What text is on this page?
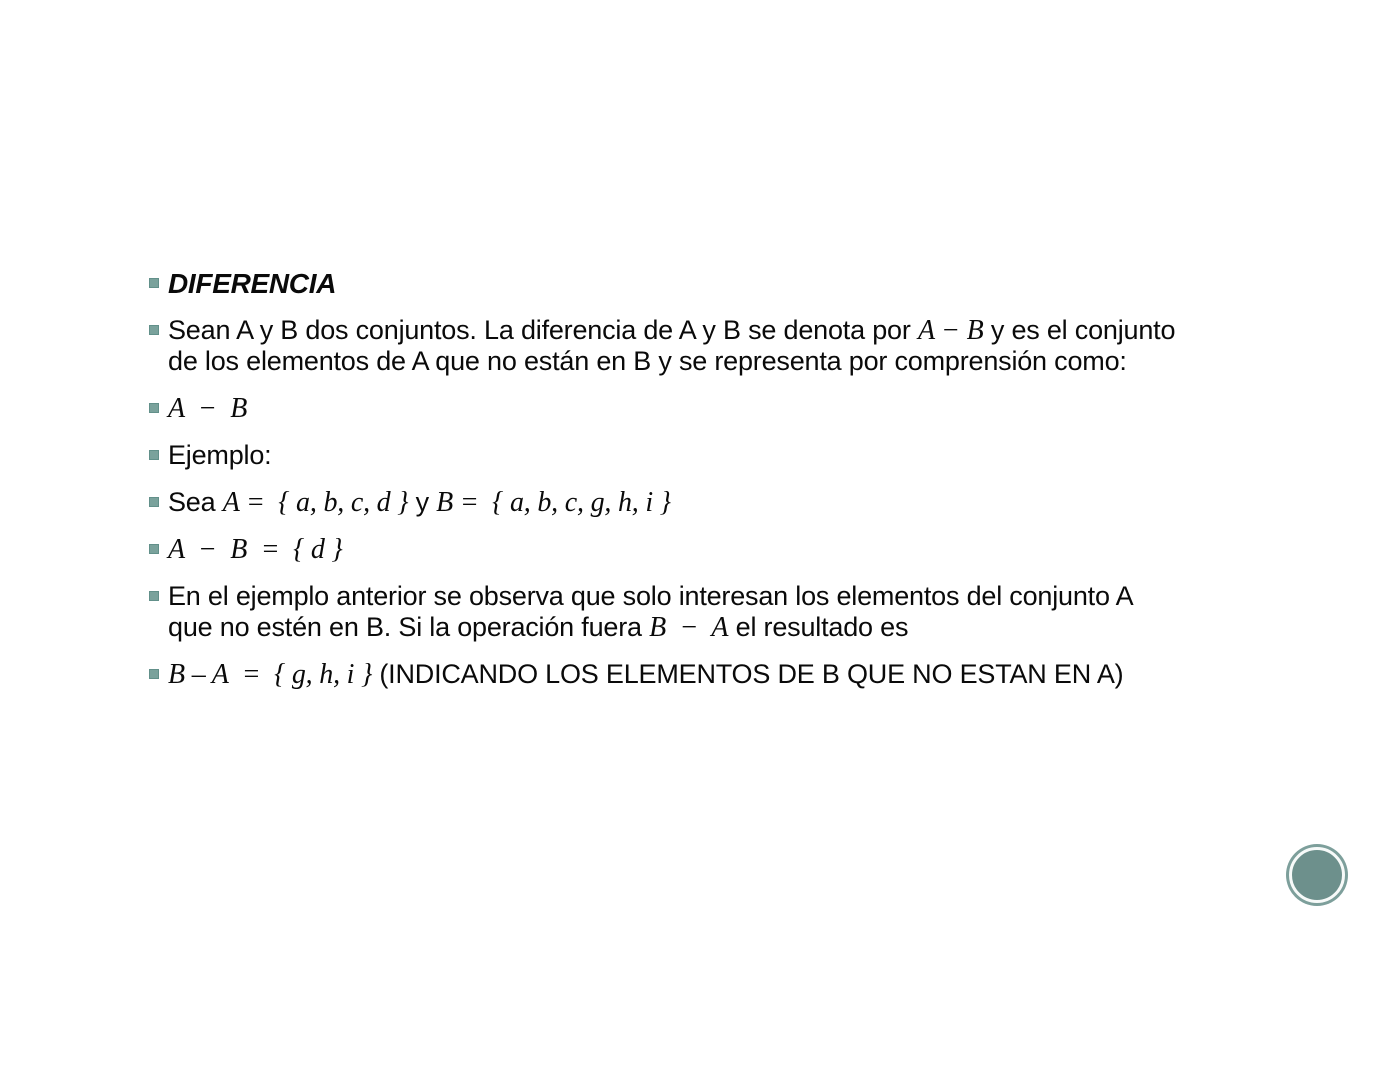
DIFERENCIA
Sean A y B dos conjuntos. La diferencia de A y B se denota por A − B y es el conjunto
de los elementos de A que no están en B y se representa por comprensión como:
A  −  B
Ejemplo:
Sea A =  { a, b, c, d } y B =  { a, b, c, g, h, i }
A  −  B  =  { d }
En el ejemplo anterior se observa que solo interesan los elementos del conjunto A
que no estén en B. Si la operación fuera B  −  A el resultado es
B – A  =  { g, h, i } (INDICANDO LOS ELEMENTOS DE B QUE NO ESTAN EN A)
